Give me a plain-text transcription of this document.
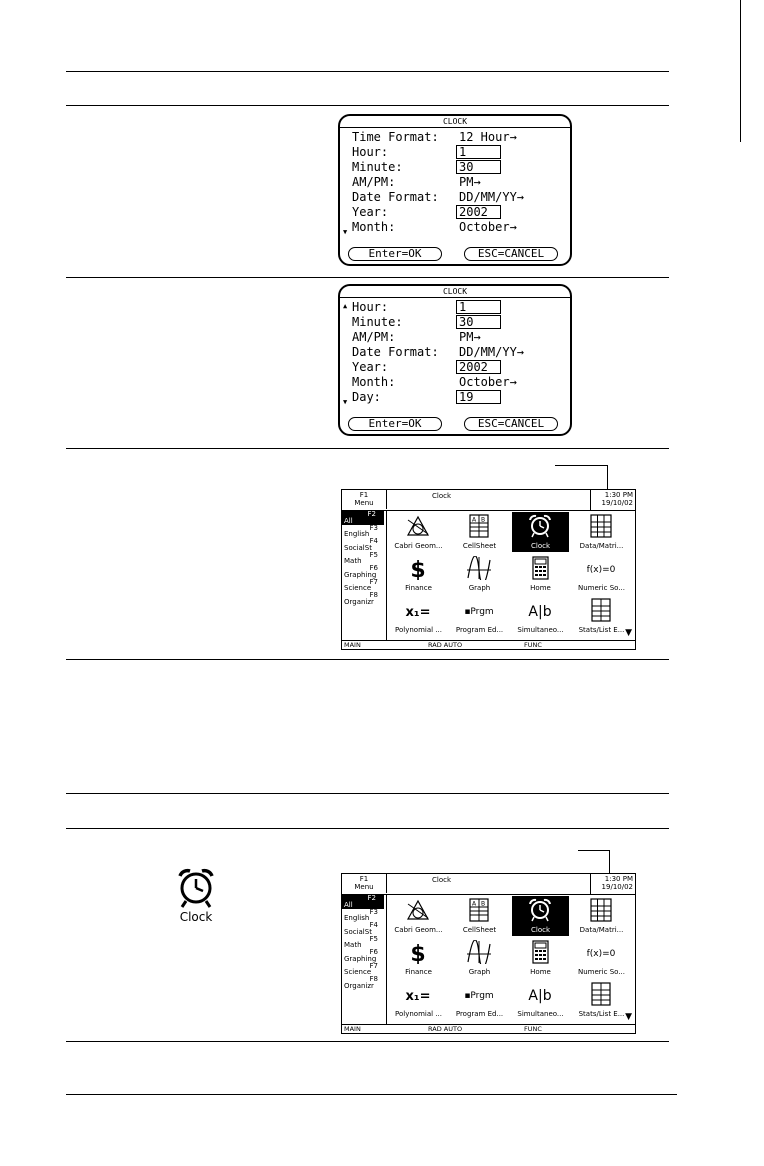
CLOCK
Time Format: 12 Hour→
Hour:	1
Minute:	30
AM/PM:	PM→
Date Format: DD/MM/YY→
Year:	2002
Month:	October→
▼
Enter=OK	ESC=CANCEL
CLOCK
Hour:	1
Minute:	30
AM/PM:	PM→
Date Format: DD/MM/YY→
Year:	2002
Month:	October→
Day:	19
▲
▼
Enter=OK	ESC=CANCEL
F1
Menu
Clock	1:30 PM
19/10/02
F2
All
F3
English
F4
SocialSt
F5
Math
F6
Graphing
F7
Science
F8
Organizr
Cabri Geom...
A B
CellSheet	Clock	Data/Matri...
$
Finance	Graph	Home
f(x)=0
Numeric So...
x₁=
Polynomial ...
▪Prgm
Program Ed...
A|b
Simultaneo...	Stats/List E... ▼
MAIN	RAD AUTO	FUNC
F1
Menu
Clock	1:30 PM
19/10/02
F2
All
F3
English
F4
SocialSt
F5
Math
F6
Graphing
F7
Science
F8
Organizr
Cabri Geom...
A B
CellSheet	Clock	Data/Matri...
$
Finance	Graph	Home
f(x)=0
Numeric So...
x₁=
Polynomial ...
▪Prgm
Program Ed...
A|b
Simultaneo...	Stats/List E... ▼
MAIN	RAD AUTO	FUNC
Clock
